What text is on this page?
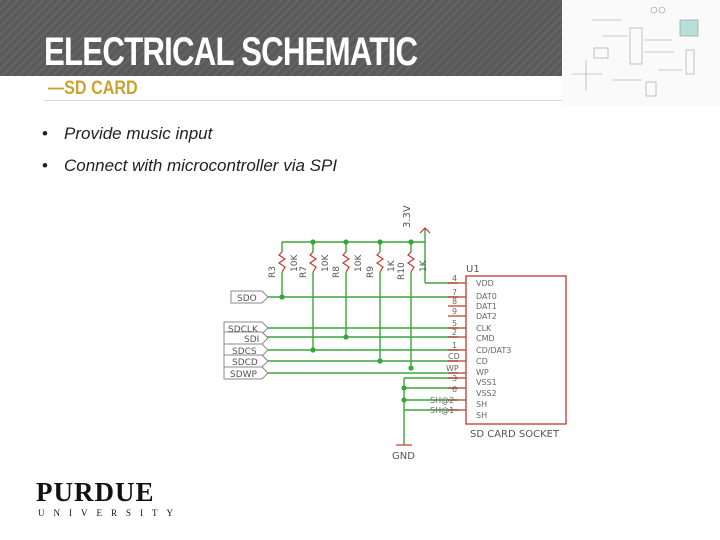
ELECTRICAL SCHEMATIC
—SD CARD
• Provide music input
• Connect with microcontroller via SPI
3.3V
GND
R3
10K
R7
10K
R8
10K
R9 1K R10 1K
SDO
SDCLK
SDI
SDCS
SDCD
SDWP
U1
SD CARD SOCKET
4
7
8
9
5
2
1
CD
WP
3
6
SH@2
SH@1
VDD
DAT0
DAT1
DAT2
CLK
CMD
CD/DAT3
CD
WP
VSS1
VSS2
SH
SH
PURDUE
UNIVERSITY
